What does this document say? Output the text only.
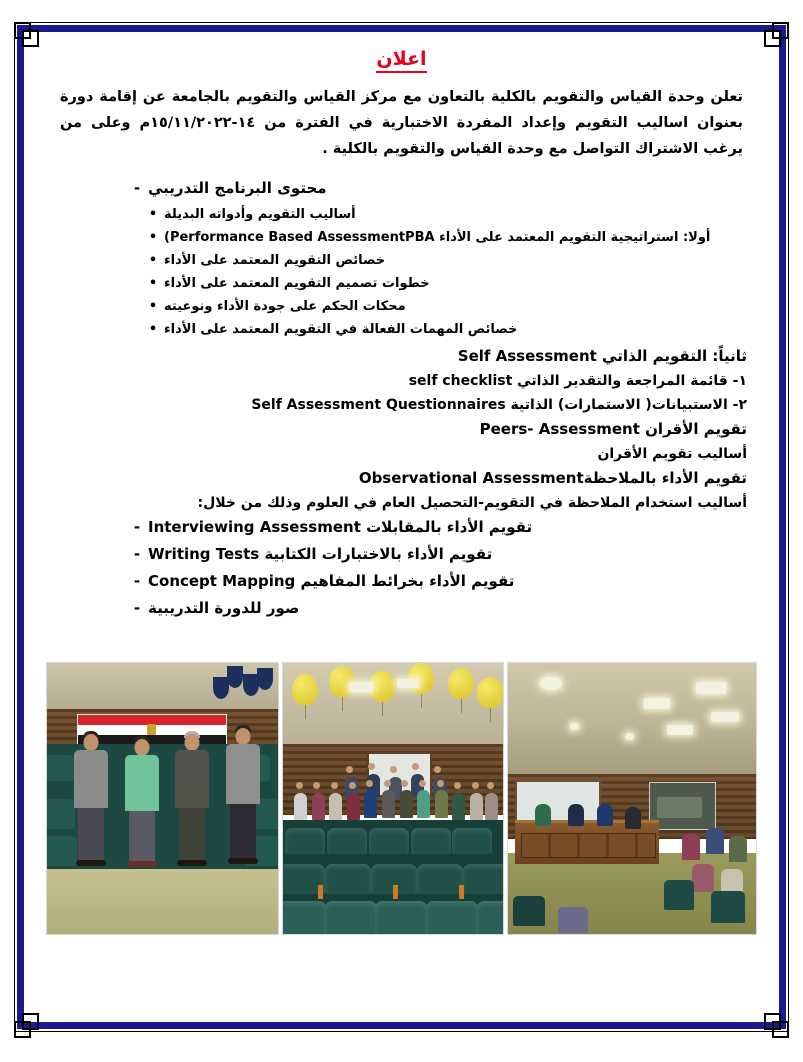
اعلان

تعلن وحدة القياس والتقويم بالكلية بالتعاون مع مركز القياس والتقويم بالجامعة عن إقامة دورة بعنوان اساليب التقويم وإعداد المفردة الاختبارية في الفترة من ١٤-١٥/١١/٢٠٢٢م وعلى من يرغب الاشتراك التواصل مع وحدة القياس والتقويم بالكلية .

محتوى البرنامج التدريبي
-
أساليب التقويم وأدواته البديلة
•
أولا: استراتيجية التقويم المعتمد على الأداء Performance Based AssessmentPBA)
•
خصائص التقويم المعتمد على الأداء
•
خطوات تصميم التقويم المعتمد على الأداء
•
محكات الحكم على جودة الأداء ونوعيته
•
خصائص المهمات الفعالة في التقويم المعتمد على الأداء
•

ثانياً: التقويم الذاتي Self Assessment

١- قائمة المراجعة والتقدير الذاتي self checklist

٢- الاستبيانات( الاستمارات) الذاتية Self Assessment Questionnaires

تقويم الأقران Peers- Assessment

أساليب تقويم الأقران

تقويم الأداء بالملاحظةObservational Assessment

أساليب استخدام الملاحظة في التقويم-التحصيل العام في العلوم وذلك من خلال:

تقويم الأداء بالمقابلات Interviewing Assessment
-
تقويم الأداء بالاختبارات الكتابية Writing Tests
-
تقويم الأداء بخرائط المفاهيم Concept Mapping
-
صور للدورة التدريبية
-
